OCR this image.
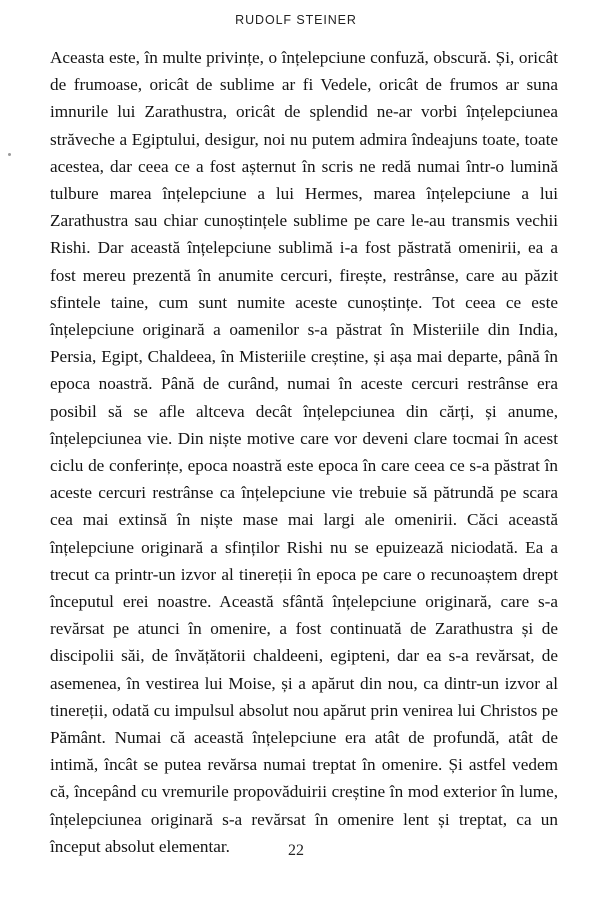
RUDOLF STEINER

Aceasta este, în multe privințe, o înțelepciune confuză, obscură. Și, oricât de frumoase, oricât de sublime ar fi Vedele, oricât de frumos ar suna imnurile lui Zarathustra, oricât de splendid ne-ar vorbi înțelepciunea străveche a Egiptului, desigur, noi nu putem admira îndeajuns toate, toate acestea, dar ceea ce a fost așternut în scris ne redă numai într-o lumină tulbure marea înțelepciune a lui Hermes, marea înțelepciune a lui Zarathustra sau chiar cunoștințele sublime pe care le-au transmis vechii Rishi. Dar această înțelepciune sublimă i-a fost păstrată omenirii, ea a fost mereu prezentă în anumite cercuri, firește, restrânse, care au păzit sfintele taine, cum sunt numite aceste cunoștințe. Tot ceea ce este înțelepciune originară a oamenilor s-a păstrat în Misteriile din India, Persia, Egipt, Chaldeea, în Misteriile creștine, și așa mai departe, până în epoca noastră. Până de curând, numai în aceste cercuri restrânse era posibil să se afle altceva decât înțelepciunea din cărți, și anume, înțelepciunea vie. Din niște motive care vor deveni clare tocmai în acest ciclu de conferințe, epoca noastră este epoca în care ceea ce s-a păstrat în aceste cercuri restrânse ca înțelepciune vie trebuie să pătrundă pe scara cea mai extinsă în niște mase mai largi ale omenirii. Căci această înțelepciune originară a sfinților Rishi nu se epuizează niciodată. Ea a trecut ca printr-un izvor al tinereții în epoca pe care o recunoaștem drept începutul erei noastre. Această sfântă înțelepciune originară, care s-a revărsat pe atunci în omenire, a fost continuată de Zarathustra și de discipolii săi, de învățătorii chaldeeni, egipteni, dar ea s-a revărsat, de asemenea, în vestirea lui Moise, și a apărut din nou, ca dintr-un izvor al tinereții, odată cu impulsul absolut nou apărut prin venirea lui Christos pe Pământ. Numai că această înțelepciune era atât de profundă, atât de intimă, încât se putea revărsa numai treptat în omenire. Și astfel vedem că, începând cu vremurile propovăduirii creștine în mod exterior în lume, înțelepciunea originară s-a revărsat în omenire lent și treptat, ca un început absolut elementar.	22
